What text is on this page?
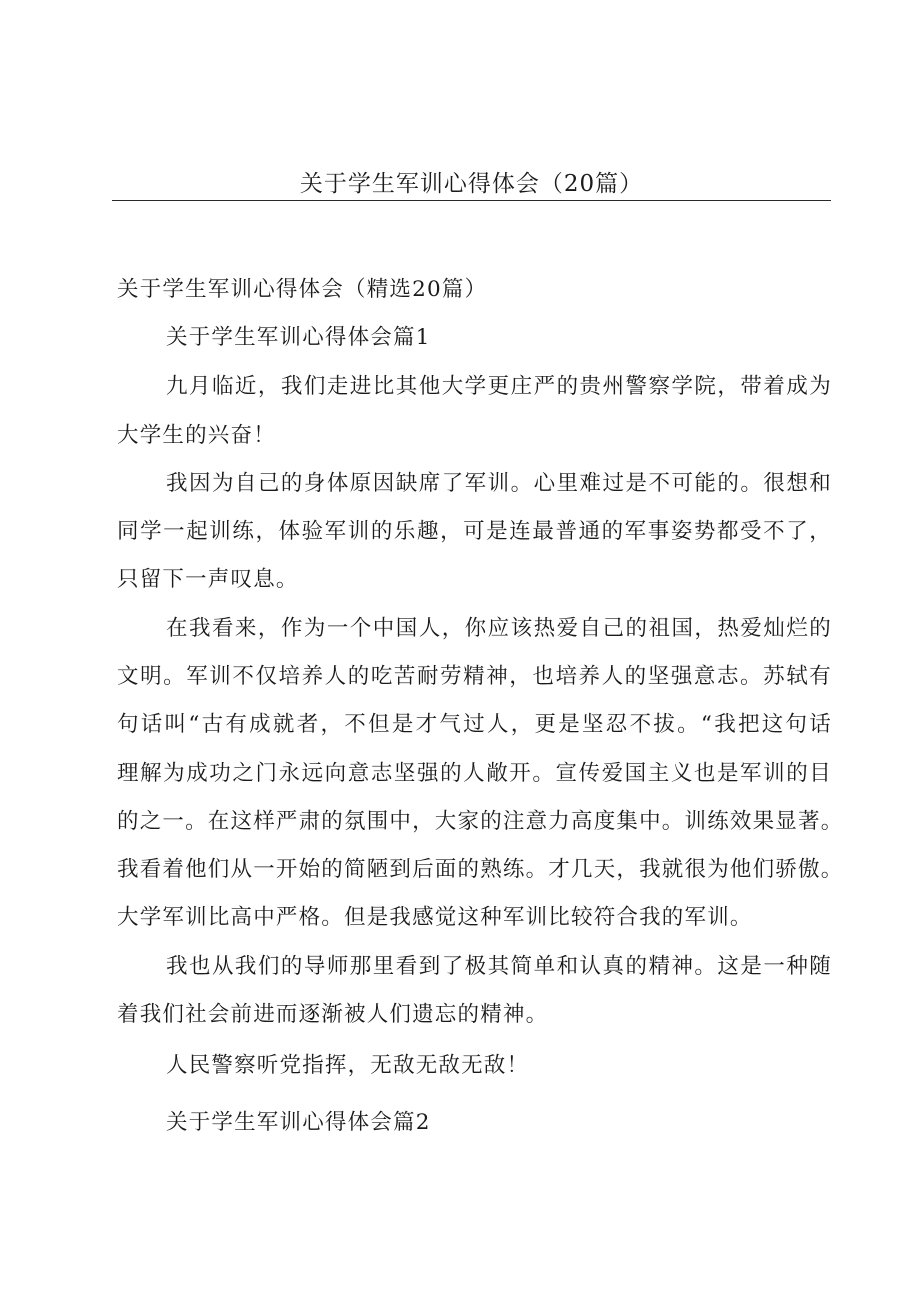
关于学生军训心得体会（20篇）
关于学生军训心得体会（精选20篇）
关于学生军训心得体会篇1
九月临近，我们走进比其他大学更庄严的贵州警察学院，带着成为
大学生的兴奋！
我因为自己的身体原因缺席了军训。心里难过是不可能的。很想和
同学一起训练，体验军训的乐趣，可是连最普通的军事姿势都受不了，
只留下一声叹息。
在我看来，作为一个中国人，你应该热爱自己的祖国，热爱灿烂的
文明。军训不仅培养人的吃苦耐劳精神，也培养人的坚强意志。苏轼有
句话叫“古有成就者，不但是才气过人，更是坚忍不拔。“我把这句话
理解为成功之门永远向意志坚强的人敞开。宣传爱国主义也是军训的目
的之一。在这样严肃的氛围中，大家的注意力高度集中。训练效果显著。
我看着他们从一开始的简陋到后面的熟练。才几天，我就很为他们骄傲。
大学军训比高中严格。但是我感觉这种军训比较符合我的军训。
我也从我们的导师那里看到了极其简单和认真的精神。这是一种随
着我们社会前进而逐渐被人们遗忘的精神。
人民警察听党指挥，无敌无敌无敌！
关于学生军训心得体会篇2
